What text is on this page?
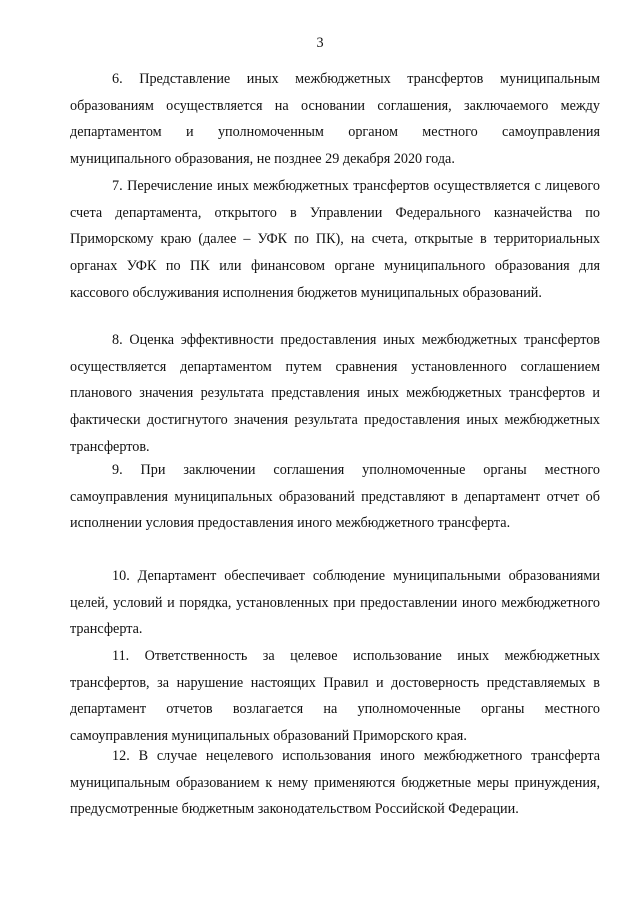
3

6. Представление иных межбюджетных трансфертов муниципальным образованиям осуществляется на основании соглашения, заключаемого между департаментом и уполномоченным органом местного самоуправления муниципального образования, не позднее 29 декабря 2020 года.

7. Перечисление иных межбюджетных трансфертов осуществляется с лицевого счета департамента, открытого в Управлении Федерального казначейства по Приморскому краю (далее – УФК по ПК), на счета, открытые в территориальных органах УФК по ПК или финансовом органе муниципального образования для кассового обслуживания исполнения бюджетов муниципальных образований.

8. Оценка эффективности предоставления иных межбюджетных трансфертов осуществляется департаментом путем сравнения установленного соглашением планового значения результата представления иных межбюджетных трансфертов и фактически достигнутого значения результата предоставления иных межбюджетных трансфертов.

9. При заключении соглашения уполномоченные органы местного самоуправления муниципальных образований представляют в департамент отчет об исполнении условия предоставления иного межбюджетного трансферта.

10. Департамент обеспечивает соблюдение муниципальными образованиями целей, условий и порядка, установленных при предоставлении иного межбюджетного трансферта.

11. Ответственность за целевое использование иных межбюджетных трансфертов, за нарушение настоящих Правил и достоверность представляемых в департамент отчетов возлагается на уполномоченные органы местного самоуправления муниципальных образований Приморского края.

12. В случае нецелевого использования иного межбюджетного трансферта муниципальным образованием к нему применяются бюджетные меры принуждения, предусмотренные бюджетным законодательством Российской Федерации.
